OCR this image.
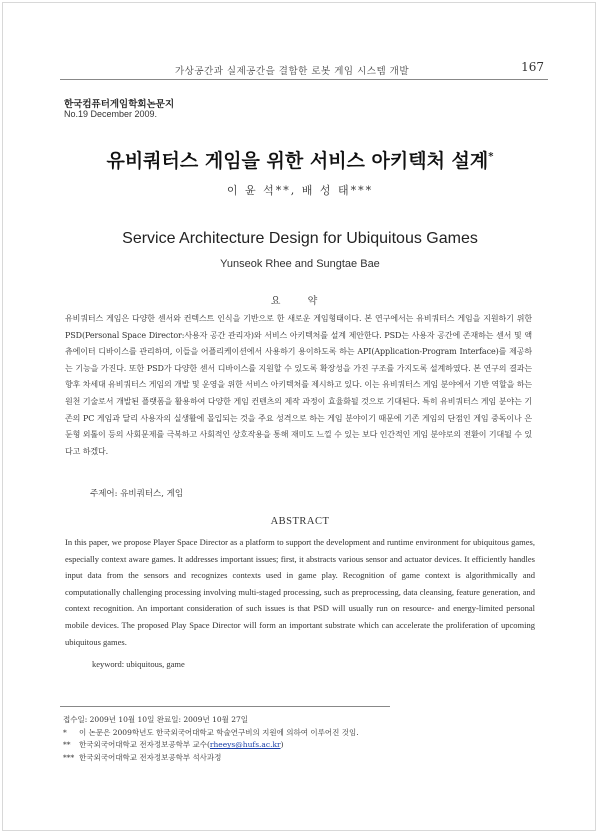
가상공간과 실제공간을 결합한 로봇 게임 시스템 개발	167
한국컴퓨터게임학회논문지
No.19 December 2009.
유비쿼터스 게임을 위한 서비스 아키텍처 설계*
이 윤 석**, 배 성 태***
Service Architecture Design for Ubiquitous Games
Yunseok Rhee and Sungtae Bae
요 약
유비쿼터스 게임은 다양한 센서와 컨텍스트 인식을 기반으로 한 새로운 게임형태이다. 본 연구에서는 유비쿼터스 게임을 지원하기 위한 PSD(Personal Space Director:사용자 공간 관리자)와 서비스 아키텍처를 설계 제안한다. PSD는 사용자 공간에 존재하는 센서 및 액츄에이터 디바이스를 관리하며, 이들을 어플리케이션에서 사용하기 용이하도록 하는 API(Application-Program Interface)를 제공하는 기능을 가진다. 또한 PSD가 다양한 센서 디바이스를 지원할 수 있도록 확장성을 가진 구조를 가지도록 설계하였다. 본 연구의 결과는 향후 차세대 유비쿼터스 게임의 개발 및 운영을 위한 서비스 아키텍처를 제시하고 있다. 이는 유비쿼터스 게임 분야에서 기반 역할을 하는 원천 기술로서 개발된 플랫폼을 활용하여 다양한 게임 컨텐츠의 제작 과정이 효율화될 것으로 기대된다. 특히 유비쿼터스 게임 분야는 기존의 PC 게임과 달리 사용자의 실생활에 몰입되는 것을 주요 성격으로 하는 게임 분야이기 때문에 기존 게임의 단점인 게임 중독이나 은둔형 외톨이 등의 사회문제를 극복하고 사회적인 상호작용을 통해 재미도 느낄 수 있는 보다 인간적인 게임 분야로의 전환이 기대될 수 있다고 하겠다.
주제어: 유비쿼터스, 게임
ABSTRACT
In this paper, we propose Player Space Director as a platform to support the development and runtime environment for ubiquitous games, especially context aware games. It addresses important issues; first, it abstracts various sensor and actuator devices. It efficiently handles input data from the sensors and recognizes contexts used in game play. Recognition of game context is algorithmically and computationally challenging processing involving multi-staged processing, such as preprocessing, data cleansing, feature generation, and context recognition. An important consideration of such issues is that PSD will usually run on resource- and energy-limited personal mobile devices. The proposed Play Space Director will form an important substrate which can accelerate the proliferation of upcoming ubiquitous games.
keyword: ubiquitous, game
접수일: 2009년 10월 10일 완료일: 2009년 10월 27일
* 이 논문은 2009학년도 한국외국어대학교 학술연구비의 지원에 의하여 이루어진 것임.
** 한국외국어대학교 전자정보공학부 교수(rheeys@hufs.ac.kr)
*** 한국외국어대학교 전자정보공학부 석사과정
